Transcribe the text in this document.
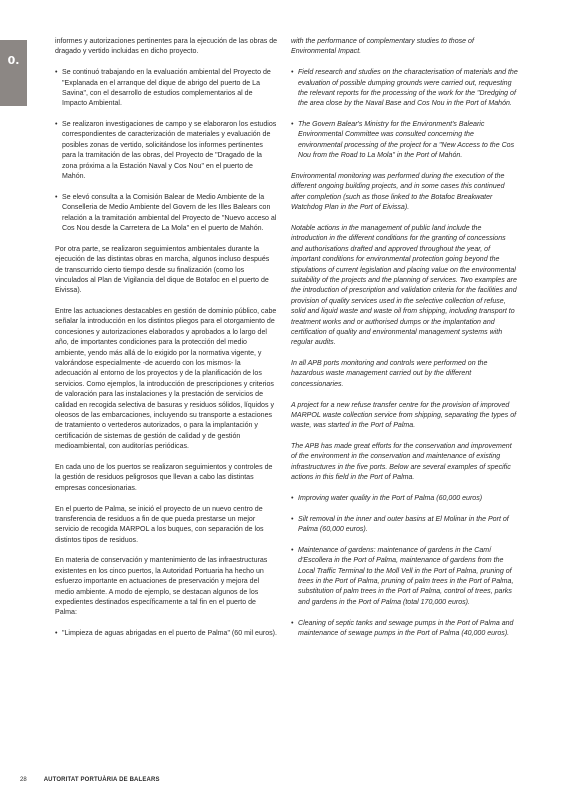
0.
informes y autorizaciones pertinentes para la ejecución de las obras de dragado y vertido incluidas en dicho proyecto.
• Se continuó trabajando en la evaluación ambiental del Proyecto de "Explanada en el arranque del dique de abrigo del puerto de La Savina", con el desarrollo de estudios complementarios al de Impacto Ambiental.
• Se realizaron investigaciones de campo y se elaboraron los estudios correspondientes de caracterización de materiales y evaluación de posibles zonas de vertido, solicitándose los informes pertinentes para la tramitación de las obras, del Proyecto de "Dragado de la zona próxima a la Estación Naval y Cos Nou" en el puerto de Mahón.
• Se elevó consulta a la Comisión Balear de Medio Ambiente de la Conselleria de Medio Ambiente del Govern de les Illes Balears con relación a la tramitación ambiental del Proyecto de "Nuevo acceso al Cos Nou desde la Carretera de La Mola" en el puerto de Mahón.

Por otra parte, se realizaron seguimientos ambientales durante la ejecución de las distintas obras en marcha, algunos incluso después de transcurrido cierto tiempo desde su finalización (como los vinculados al Plan de Vigilancia del dique de Botafoc en el puerto de Eivissa).

Entre las actuaciones destacables en gestión de dominio público, cabe señalar la introducción en los distintos pliegos para el otorgamiento de concesiones y autorizaciones elaborados y aprobados a lo largo del año, de importantes condiciones para la protección del medio ambiente, yendo más allá de lo exigido por la normativa vigente, y valorándose especialmente -de acuerdo con los mismos- la adecuación al entorno de los proyectos y de la planificación de los servicios. Como ejemplos, la introducción de prescripciones y criterios de valoración para las instalaciones y la prestación de servicios de calidad en recogida selectiva de basuras y residuos sólidos, líquidos y oleosos de las embarcaciones, incluyendo su transporte a estaciones de tratamiento o vertederos autorizados, o para la implantación y certificación de sistemas de gestión de calidad y de gestión medioambiental, con auditorías periódicas.

En cada uno de los puertos se realizaron seguimientos y controles de la gestión de residuos peligrosos que llevan a cabo las distintas empresas concesionarias.

En el puerto de Palma, se inició el proyecto de un nuevo centro de transferencia de residuos a fin de que pueda prestarse un mejor servicio de recogida MARPOL a los buques, con separación de los distintos tipos de residuos.

En materia de conservación y mantenimiento de las infraestructuras existentes en los cinco puertos, la Autoridad Portuaria ha hecho un esfuerzo importante en actuaciones de preservación y mejora del medio ambiente. A modo de ejemplo, se destacan algunos de los expedientes destinados específicamente a tal fin en el puerto de Palma:

• "Limpieza de aguas abrigadas en el puerto de Palma" (60 mil euros).
with the performance of complementary studies to those of Environmental Impact.
• Field research and studies on the characterisation of materials and the evaluation of possible dumping grounds were carried out, requesting the relevant reports for the processing of the work for the "Dredging of the area close by the Naval Base and Cos Nou in the Port of Mahón.
• The Govern Balear's Ministry for the Environment's Balearic Environmental Committee was consulted concerning the environmental processing of the project for a "New Access to the Cos Nou from the Road to La Mola" in the Port of Mahón.

Environmental monitoring was performed during the execution of the different ongoing building projects, and in some cases this continued after completion (such as those linked to the Botafoc Breakwater Watchdog Plan in the Port of Eivissa).

Notable actions in the management of public land include the introduction in the different conditions for the granting of concessions and authorisations drafted and approved throughout the year, of important conditions for environmental protection going beyond the stipulations of current legislation and placing value on the environmental suitability of the projects and the planning of services. Two examples are the introduction of prescription and validation criteria for the facilities and provision of quality services used in the selective collection of refuse, solid and liquid waste and waste oil from shipping, including transport to treatment works and or authorised dumps or the implantation and certification of quality and environmental management systems with regular audits.

In all APB ports monitoring and controls were performed on the hazardous waste management carried out by the different concessionaries.

A project for a new refuse transfer centre for the provision of improved MARPOL waste collection service from shipping, separating the types of waste, was started in the Port of Palma.

The APB has made great efforts for the conservation and improvement of the environment in the conservation and maintenance of existing infrastructures in the five ports. Below are several examples of specific actions in this field in the Port of Palma.

• Improving water quality in the Port of Palma (60,000 euros)
• Silt removal in the inner and outer basins at El Molinar in the Port of Palma (60,000 euros).
• Maintenance of gardens: maintenance of gardens in the Camí d'Escollera in the Port of Palma, maintenance of gardens from the Local Traffic Terminal to the Moll Vell in the Port of Palma, pruning of trees in the Port of Palma, pruning of palm trees in the Port of Palma, substitution of palm trees in the Port of Palma, control of trees, parks and gardens in the Port of Palma (total 170,000 euros).
• Cleaning of septic tanks and sewage pumps in the Port of Palma and maintenance of sewage pumps in the Port of Palma (40,000 euros).
28	AUTORITAT PORTUÀRIA DE BALEARS
